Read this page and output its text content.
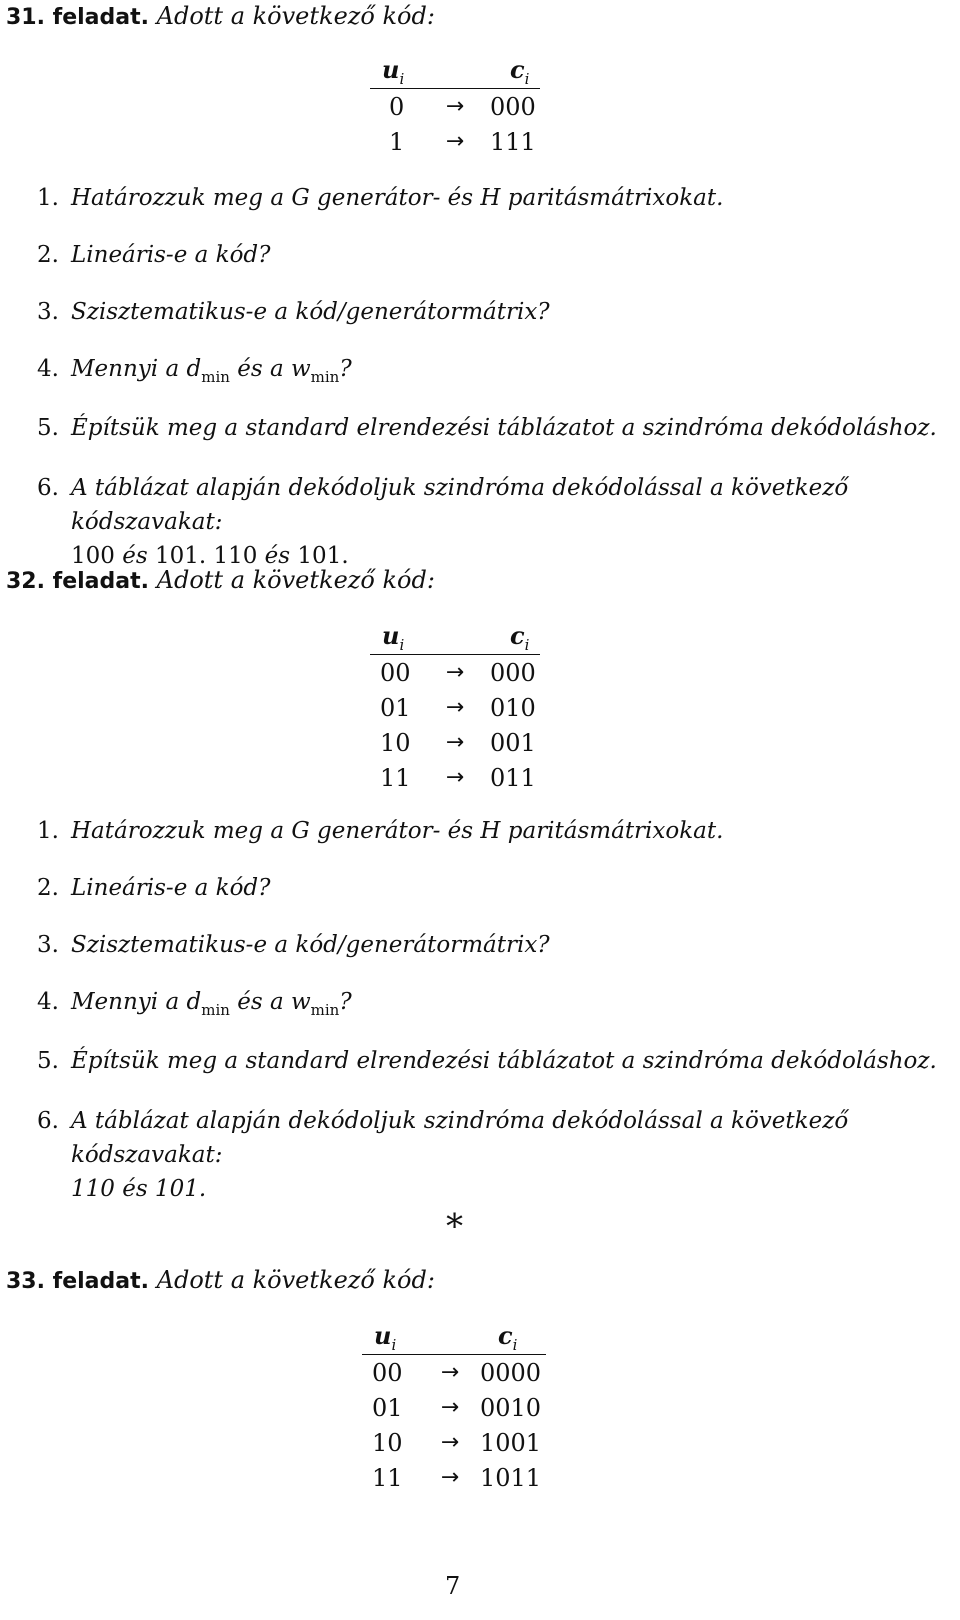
31. feladat. Adott a következő kód:
$u_i$		$c_i$
0	→	000
1	→	111
1. Határozzuk meg a G generátor- és H paritásmátrixokat.
2. Lineáris-e a kód?
3. Szisztematikus-e a kód/generátormátrix?
4. Mennyi a $d_{min}$ és a $w_{min}$?
5. Építsük meg a standard elrendezési táblázatot a szindróma dekódoláshoz.
6. A táblázat alapján dekódoljuk szindróma dekódolással a következő kódszavakat:
100 és 101. 110 és 101.
32. feladat. Adott a következő kód:
$u_i$		$c_i$
00	→	000
01	→	010
10	→	001
11	→	011
1. Határozzuk meg a G generátor- és H paritásmátrixokat.
2. Lineáris-e a kód?
3. Szisztematikus-e a kód/generátormátrix?
4. Mennyi a $d_{min}$ és a $w_{min}$?
5. Építsük meg a standard elrendezési táblázatot a szindróma dekódoláshoz.
6. A táblázat alapján dekódoljuk szindróma dekódolással a következő kódszavakat:
110 és 101.
∗
33. feladat. Adott a következő kód:
$u_i$		$c_i$
00	→	0000
01	→	0010
10	→	1001
11	→	1011
7
